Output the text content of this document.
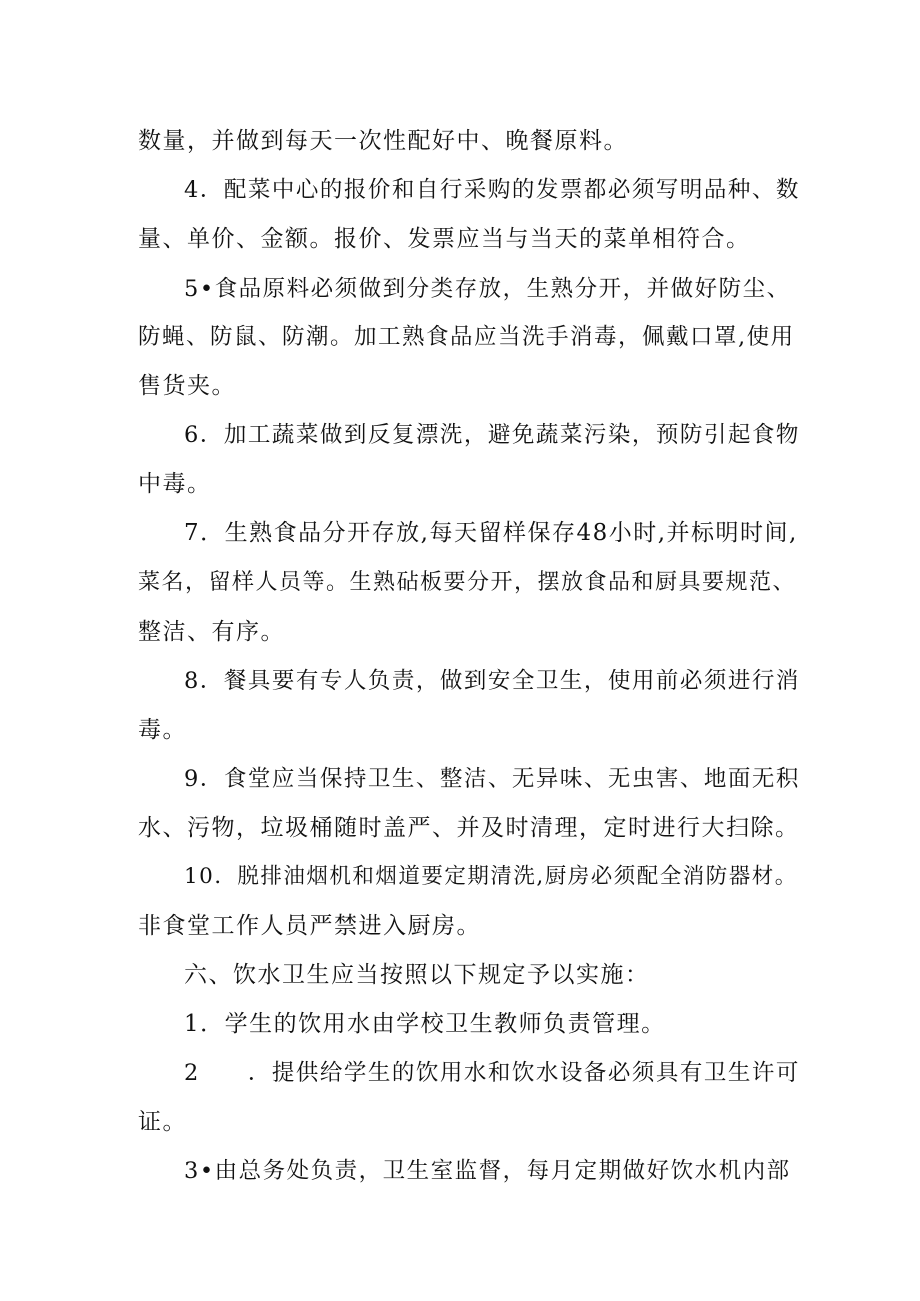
数量，并做到每天一次性配好中、晚餐原料。
4．配菜中心的报价和自行采购的发票都必须写明品种、数
量、单价、金额。报价、发票应当与当天的菜单相符合。
5•食品原料必须做到分类存放，生熟分开，并做好防尘、
防蝇、防鼠、防潮。加工熟食品应当洗手消毒，佩戴口罩,使用
售货夹。
6．加工蔬菜做到反复漂洗，避免蔬菜污染，预防引起食物
中毒。
7．生熟食品分开存放,每天留样保存48小时,并标明时间,
菜名，留样人员等。生熟砧板要分开，摆放食品和厨具要规范、
整洁、有序。
8．餐具要有专人负责，做到安全卫生，使用前必须进行消
毒。
9．食堂应当保持卫生、整洁、无异味、无虫害、地面无积
水、污物，垃圾桶随时盖严、并及时清理，定时进行大扫除。
10．脱排油烟机和烟道要定期清洗,厨房必须配全消防器材。
非食堂工作人员严禁进入厨房。
六、饮水卫生应当按照以下规定予以实施：
1．学生的饮用水由学校卫生教师负责管理。
2　　．提供给学生的饮用水和饮水设备必须具有卫生许可
证。
3•由总务处负责，卫生室监督，每月定期做好饮水机内部
